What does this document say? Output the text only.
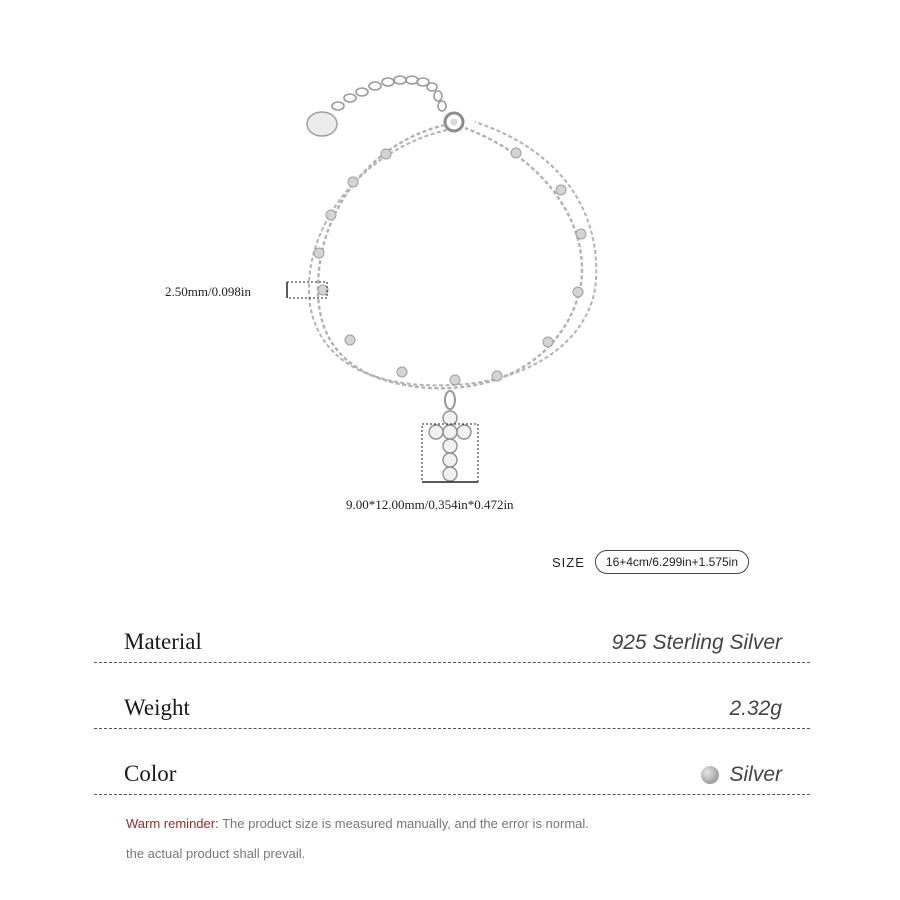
2.50mm/0.098in
9.00*12.00mm/0.354in*0.472in
SIZE	16+4cm/6.299in+1.575in
Material	925 Sterling Silver
Weight	2.32g
Color	Silver
Warm reminder: The product size is measured manually, and the error is normal.
the actual product shall prevail.
